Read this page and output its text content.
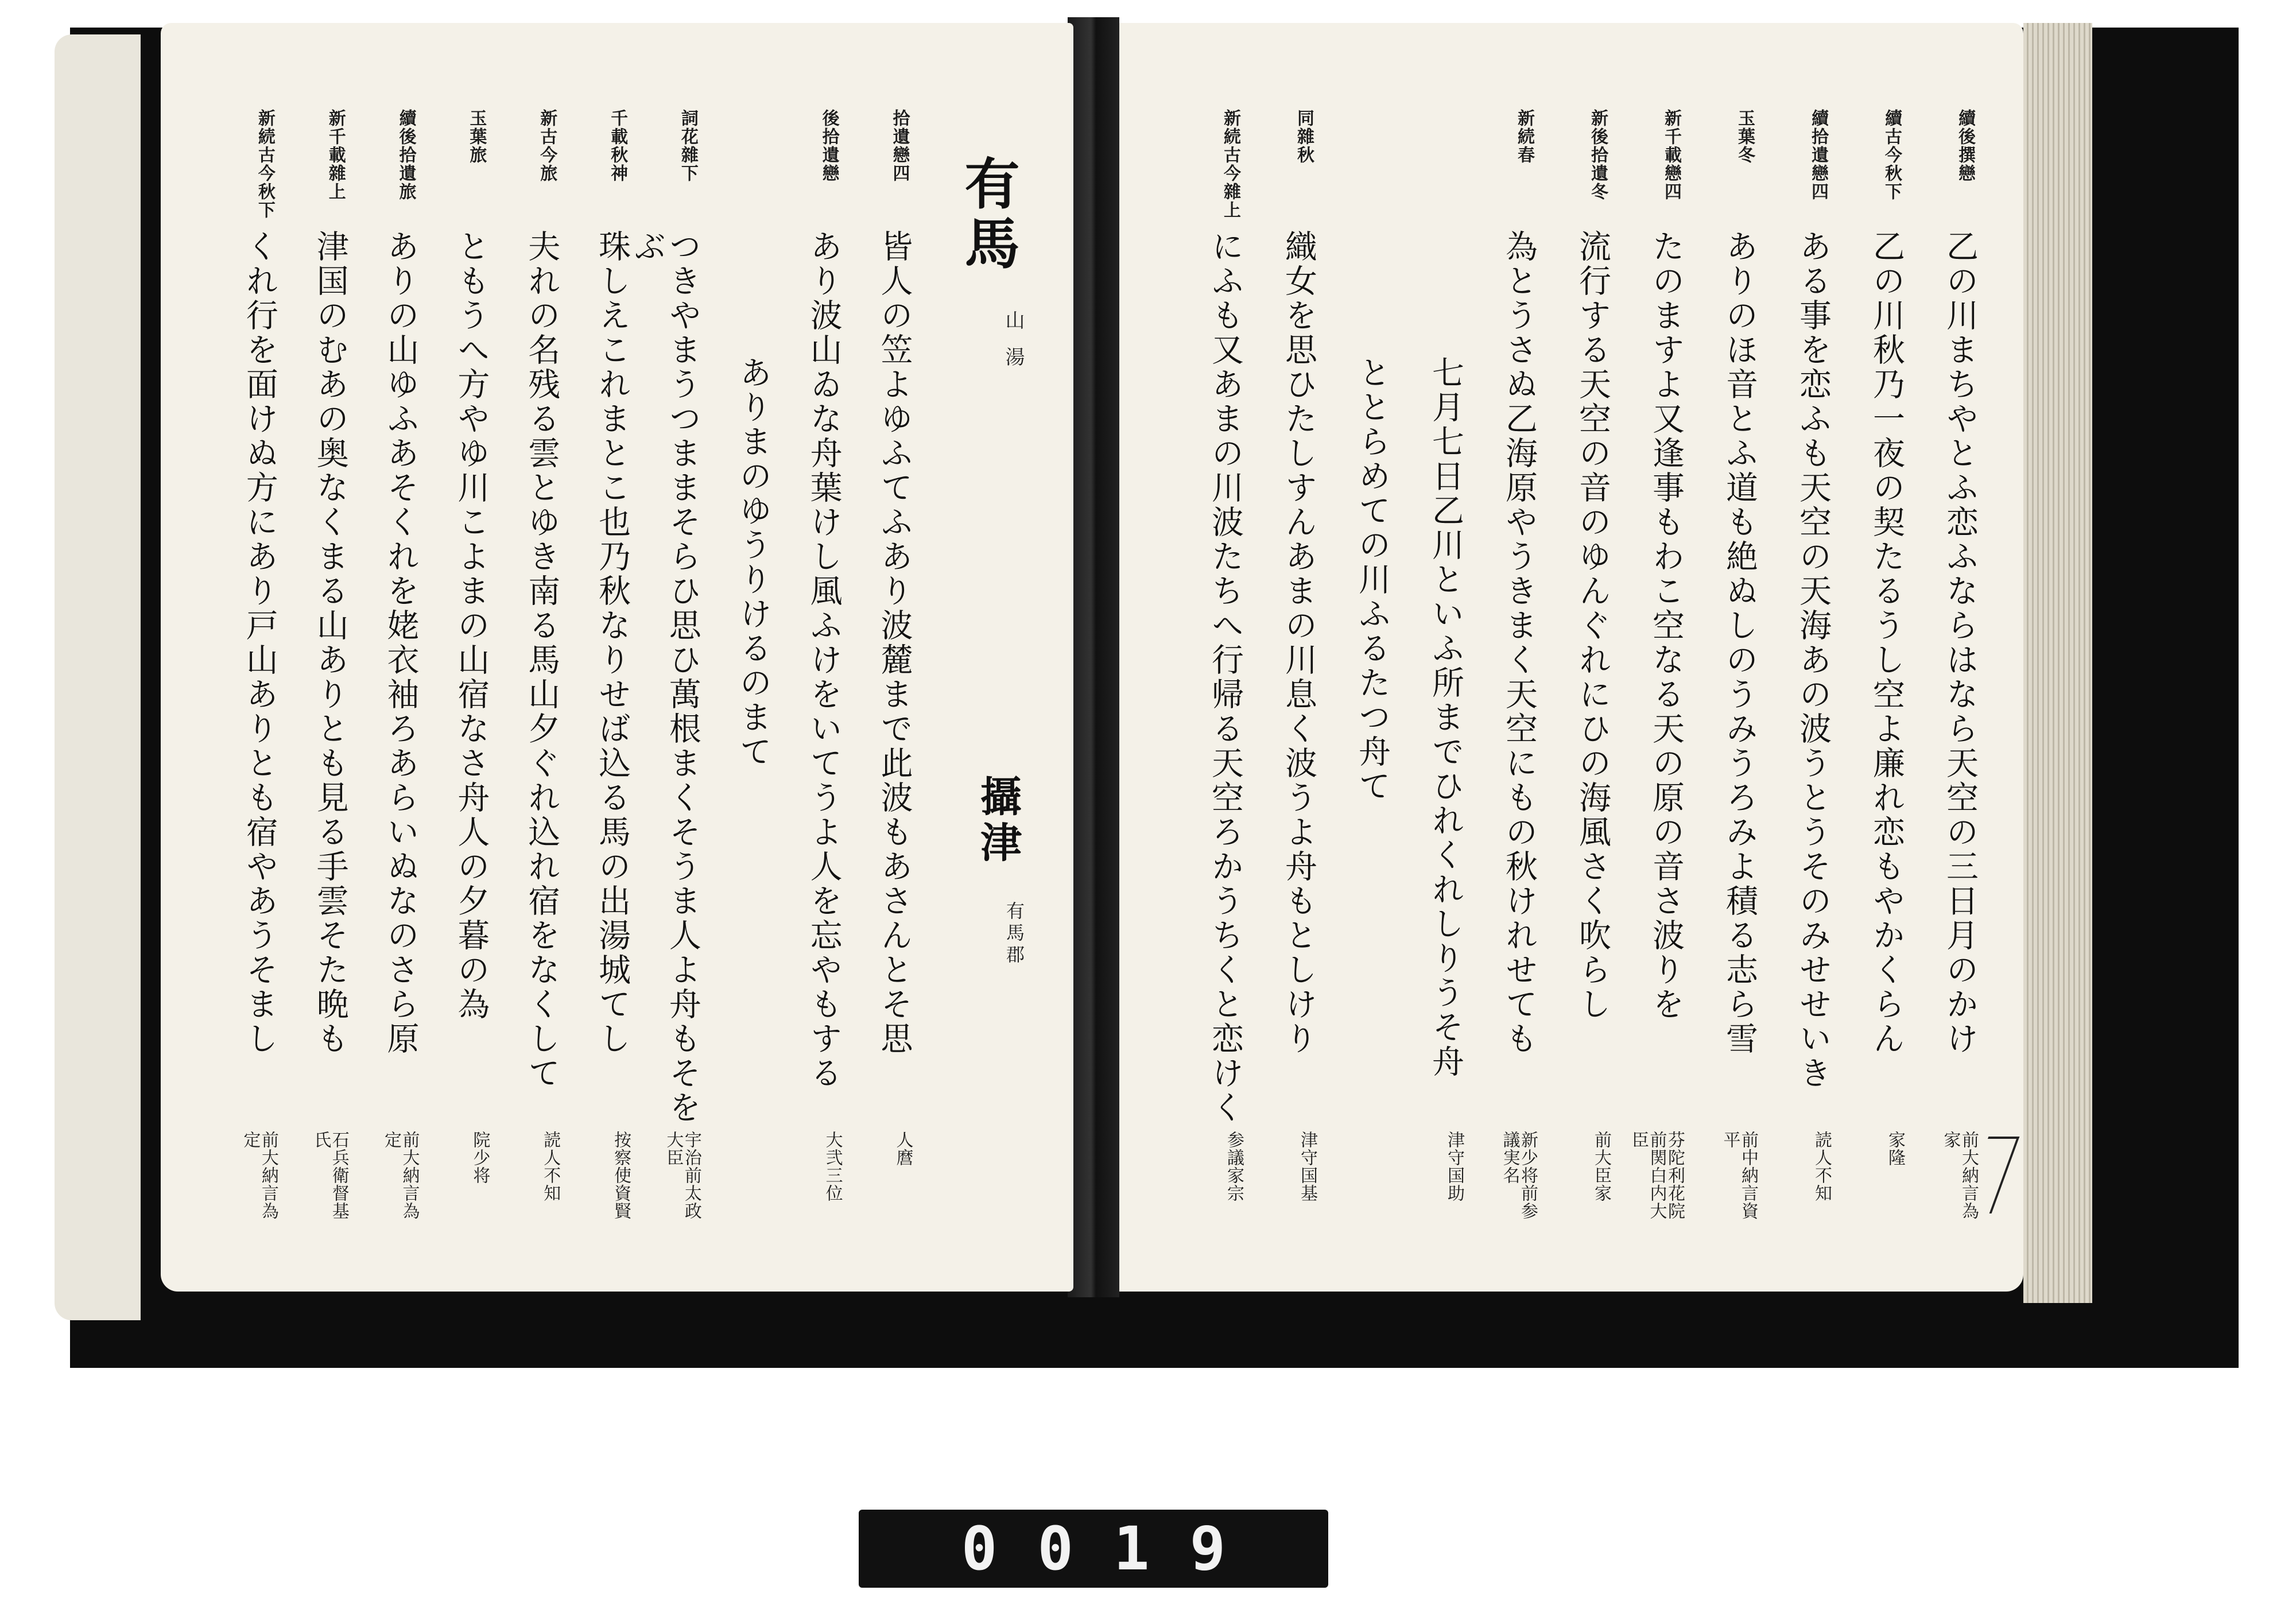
續後撰戀
乙の川まちやとふ恋ふならはなら天空の三日月のかけ
前大納言為家
續古今秋下
乙の川秋乃一夜の契たるうし空よ廉れ恋もやかくらん
家隆
續拾遺戀四
ある事を恋ふも天空の天海あの波うとうそのみせせいき
読人不知
玉葉冬
ありのほ音とふ道も絶ぬしのうみうろみよ積る志ら雪
前中納言資平
新千載戀四
たのますよ又逢事もわこ空なる天の原の音さ波りを
芬陀利花院前関白内大臣
新後拾遺冬
流行する天空の音のゆんぐれにひの海風さく吹らし
前大臣家
新続春
為とうさぬ乙海原やうきまく天空にもの秋けれせても
新少将前参議実名
七月七日乙川といふ所までひれくれしりうそ舟
津守国助
ととらめての川ふるたつ舟て
同雜秋
織女を思ひたしすんあまの川息く波うよ舟もとしけり
津守国基
新続古今雜上
にふも又あまの川波たちへ行帰る天空ろかうちくと恋けく
参議家宗
有馬
山湯
攝津
有馬郡
拾遺戀四
皆人の笠よゆふてふあり波麓まで此波もあさんとそ思
人麿
後拾遺戀
あり波山ゐな舟葉けし風ふけをいてうよ人を忘やもする
大弐三位
ありまのゆうりけるのまて
詞花雜下
つきやまうつままそらひ思ひ萬根まくそうま人よ舟もそをぶ
宇治前太政大臣
千載秋神
珠しえこれまとこ也乃秋なりせば込る馬の出湯城てし
按察使資賢
新古今旅
夫れの名残る雲とゆき南る馬山夕ぐれ込れ宿をなくして
読人不知
玉葉旅
ともうへ方やゆ川こよまの山宿なさ舟人の夕暮の為
院少将
續後拾遺旅
ありの山ゆふあそくれを姥衣袖ろあらいぬなのさら原
前大納言為定
新千載雜上
津国のむあの奥なくまる山ありとも見る手雲そた晩も
石兵衛督基氏
新続古今秋下
くれ行を面けぬ方にあり戸山ありとも宿やあうそまし
前大納言為定
0019
